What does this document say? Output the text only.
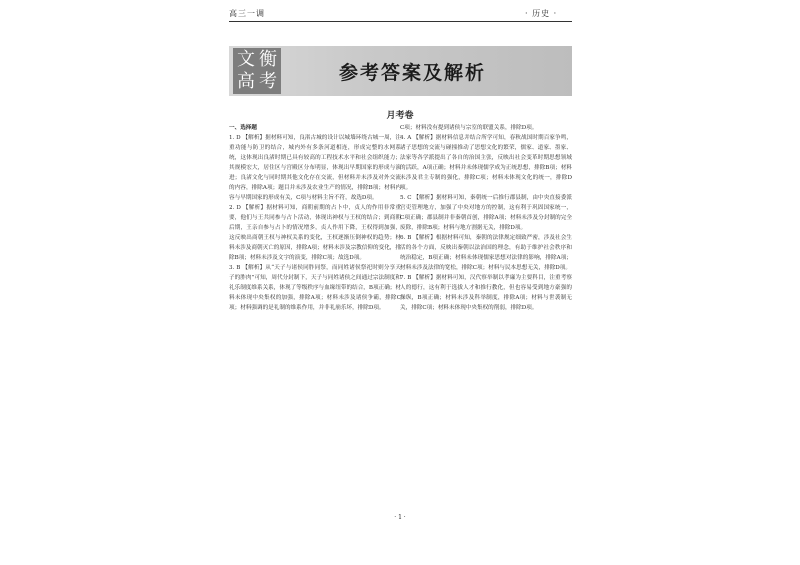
高三一调	· 历史 ·
文 衡
高 考	参考答案及解析
月考卷

一、选择题

1. D 【解析】据材料可知，良渚古城的设计以城墙环绕古城一周，注重功能与防卫的结合，城内外有多条河道相连，形成完整的水网系统，这体现出良渚时期已具有较高的工程技术水平和社会组织能力；其规模宏大，居住区与宫殿区分布明显，体现出早期国家的形成与演进；良渚文化与同时期其他文化存在交流，但材料并未涉及对外交流的内容，排除A项；题目并未涉及农业生产的情况，排除B项；材料内容与早期国家的形成有关，C项与材料主旨不符，故选D项。

2. D 【解析】据材料可知，商朝前期的占卜中，贞人的作用非常重要，他们与王共同参与占卜活动，体现出神权与王权的结合；到商朝后期，王亲自参与占卜的情况增多，贞人作用下降，王权得到加强，这反映出商朝王权与神权关系的变化，王权逐渐压倒神权的趋势；材料未涉及商朝灭亡的原因，排除A项；材料未涉及宗教信仰的变化，排除B项；材料未涉及文字的演变，排除C项；故选D项。

3. B 【解析】从“天子与诸侯同胙同祭，而同姓诸侯祭祀时则分享天子的胙肉”可知，周代分封制下，天子与同姓诸侯之间通过宗法制度和礼乐制度维系关系，体现了等级秩序与血缘纽带的结合，B项正确；材料未体现中央集权的加强，排除A项；材料未涉及诸侯争霸，排除C项；材料强调的是礼制的维系作用，并非礼崩乐坏，排除D项。

C项；材料没有提到诸侯与宗室的联盟关系，排除D项。

4. A 【解析】据材料信息并结合所学可知，春秋战国时期百家争鸣，诸子思想的交流与碰撞推动了思想文化的繁荣，儒家、道家、墨家、法家等各学派提出了各自的治国主张，反映出社会变革时期思想领域的活跃，A项正确；材料并未体现儒学成为正统思想，排除B项；材料未涉及君主专制的强化，排除C项；材料未体现文化的统一，排除D项。

5. C 【解析】据材料可知，秦朝统一后推行郡县制，由中央直接委派官吏管理地方，加强了中央对地方的控制，这有利于巩固国家统一，C项正确；郡县制并非秦朝首创，排除A项；材料未涉及分封制的完全废除，排除B项；材料与地方割据无关，排除D项。

6. B 【解析】根据材料可知，秦朝的法律规定细致严密，涉及社会生活的各个方面，反映出秦朝以法治国的理念，有助于维护社会秩序和统治稳定，B项正确；材料未体现儒家思想对法律的影响，排除A项；材料未涉及法律的宽松，排除C项；材料与民本思想无关，排除D项。

7. B 【解析】据材料可知，汉代察举制以孝廉为主要科目，注重考察人的德行，这有利于选拔人才和推行教化，但也容易受到地方豪强的操纵，B项正确；材料未涉及科举制度，排除A项；材料与世袭制无关，排除C项；材料未体现中央集权的削弱，排除D项。

· 1 ·
